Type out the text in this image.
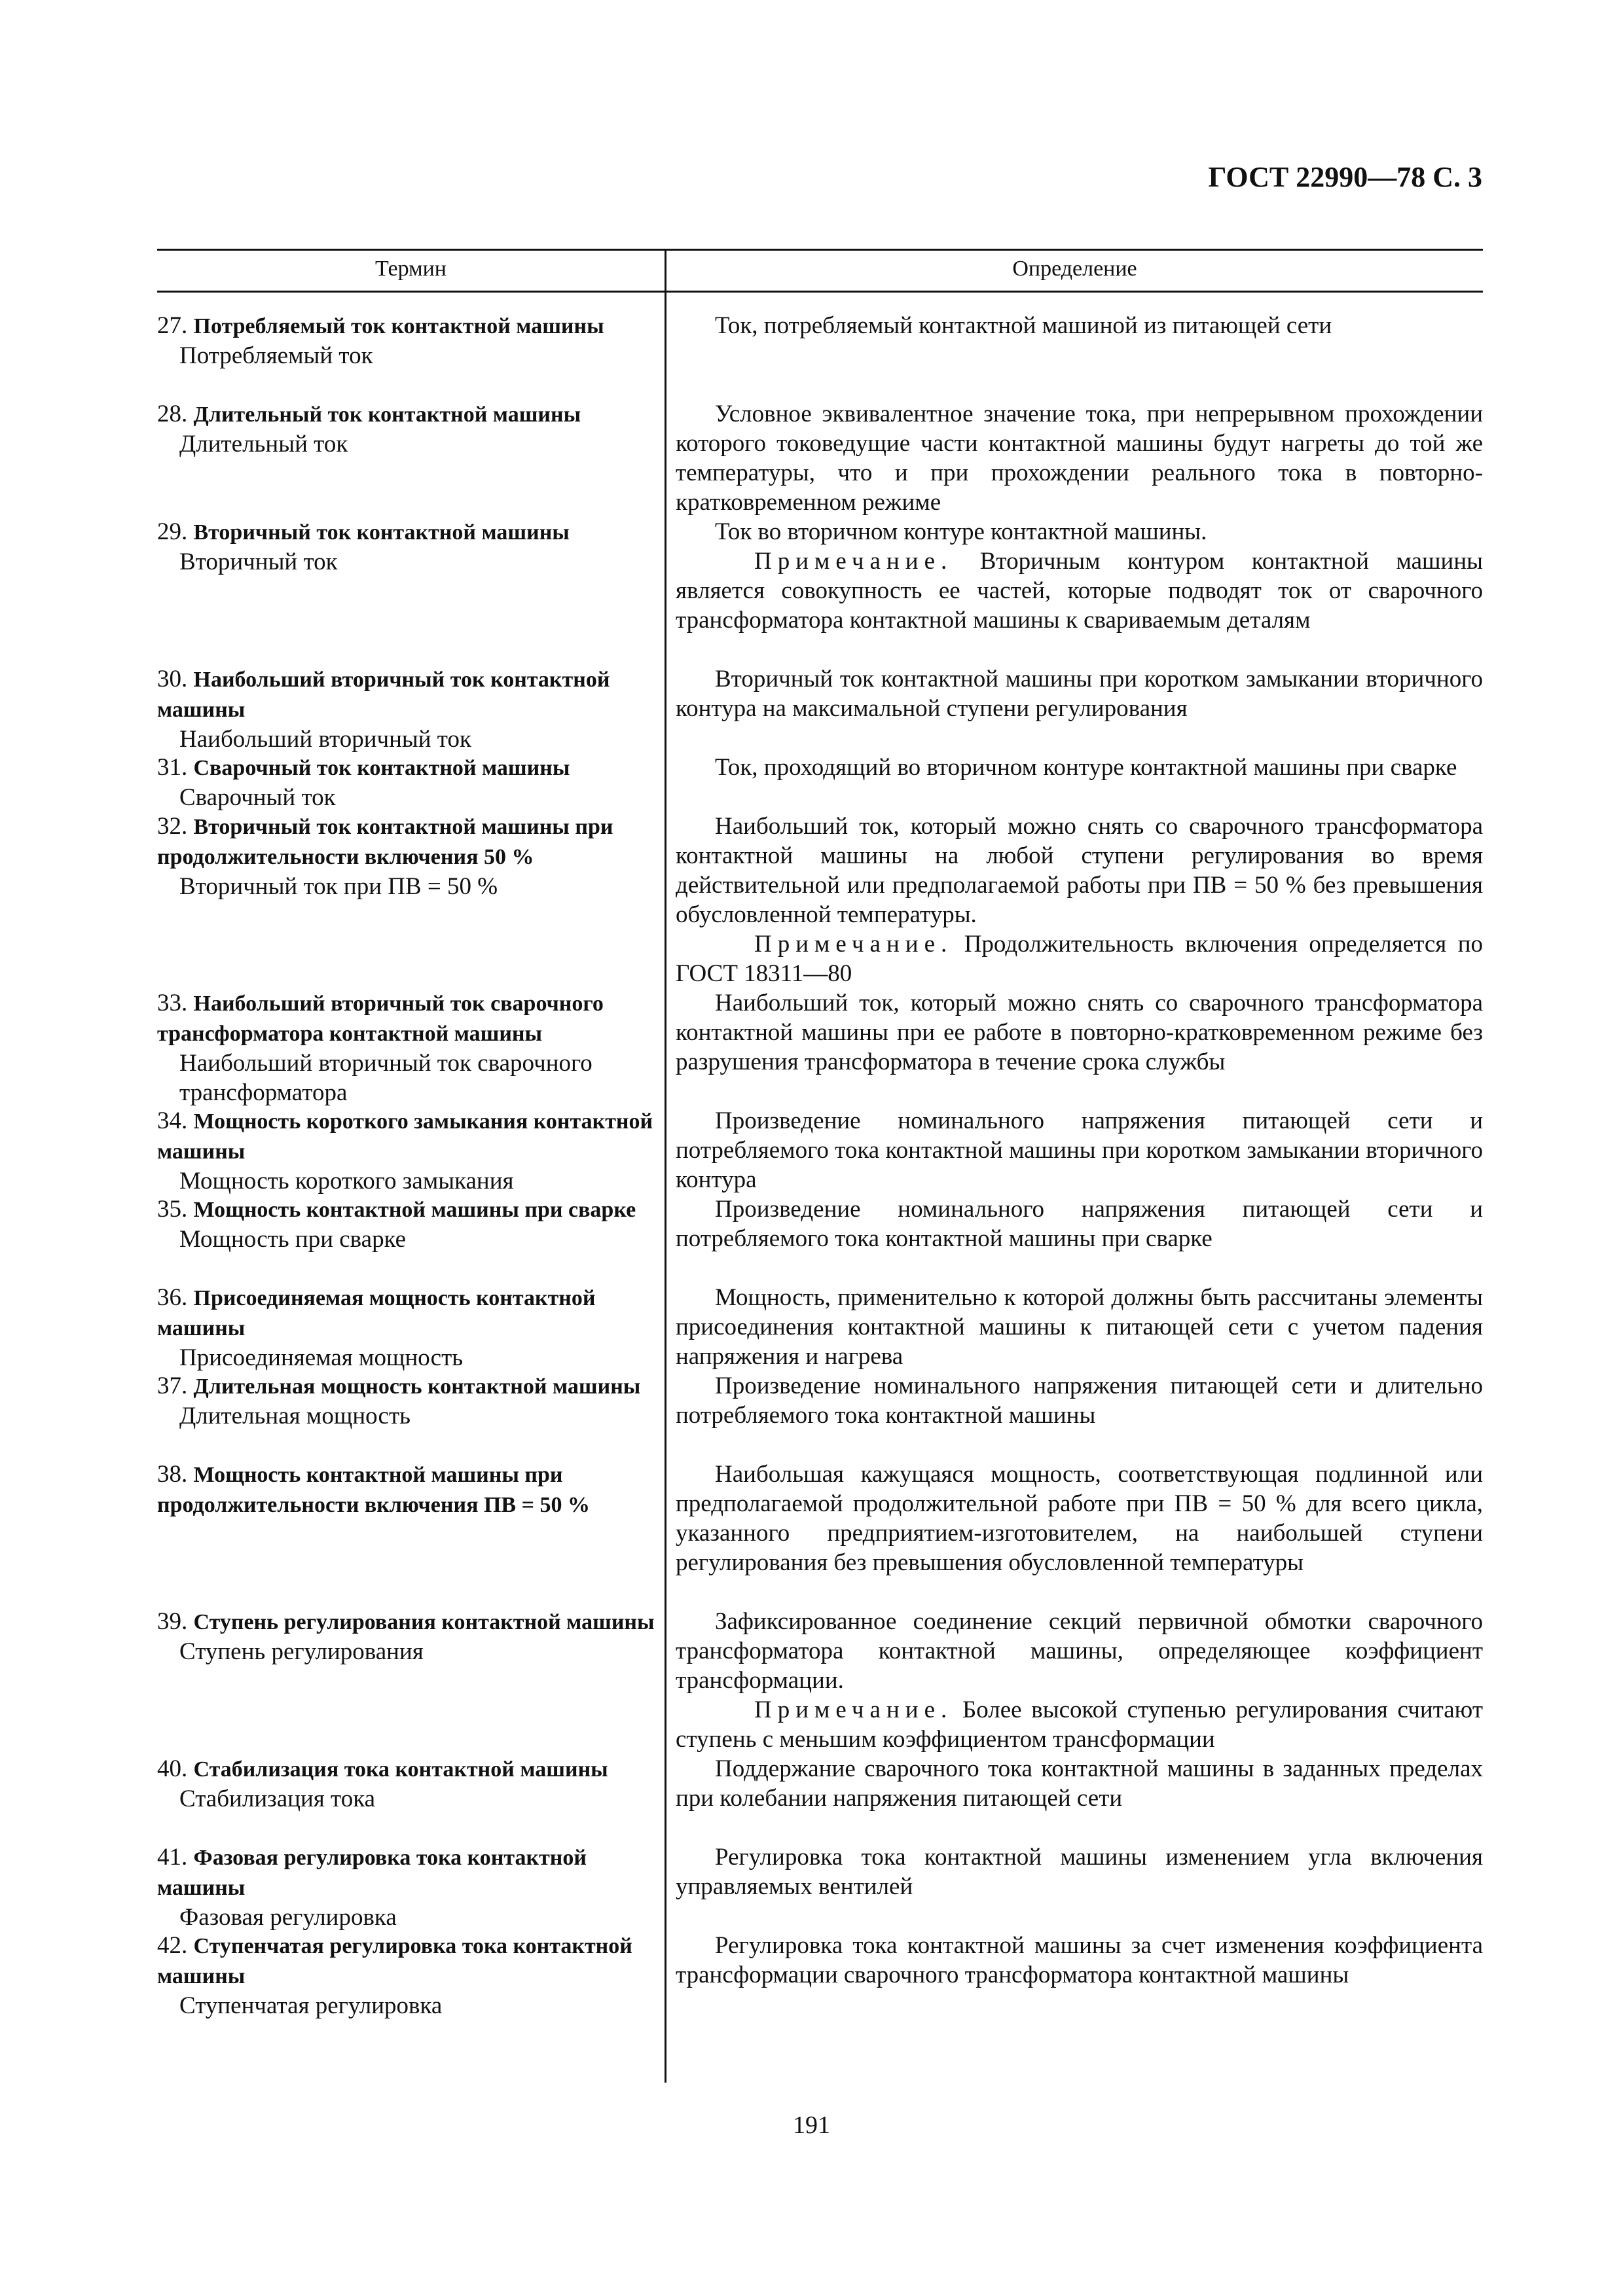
ГОСТ 22990—78 С. 3
Термин	Определение
27. Потребляемый ток контактной машины
Потребляемый ток
Ток, потребляемый контактной машиной из питающей сети
28. Длительный ток контактной машины
Длительный ток
Условное эквивалентное значение тока, при непрерывном прохождении которого токоведущие части контактной машины будут нагреты до той же температуры, что и при прохождении реального тока в повторно-кратковременном режиме
29. Вторичный ток контактной машины
Вторичный ток
Ток во вторичном контуре контактной машины.
Примечание. Вторичным контуром контактной машины является совокупность ее частей, которые подводят ток от сварочного трансформатора контактной машины к свариваемым деталям
30. Наибольший вторичный ток контактной машины
Наибольший вторичный ток
Вторичный ток контактной машины при коротком замыкании вторичного контура на максимальной ступени регулирования
31. Сварочный ток контактной машины
Сварочный ток
Ток, проходящий во вторичном контуре контактной машины при сварке
32. Вторичный ток контактной машины при продолжительности включения 50 %
Вторичный ток при ПВ = 50 %
Наибольший ток, который можно снять со сварочного трансформатора контактной машины на любой ступени регулирования во время действительной или предполагаемой работы при ПВ = 50 % без превышения обусловленной температуры.
Примечание. Продолжительность включения определяется по ГОСТ 18311—80
33. Наибольший вторичный ток сварочного трансформатора контактной машины
Наибольший вторичный ток сварочного трансформатора
Наибольший ток, который можно снять со сварочного трансформатора контактной машины при ее работе в повторно-кратковременном режиме без разрушения трансформатора в течение срока службы
34. Мощность короткого замыкания контактной машины
Мощность короткого замыкания
Произведение номинального напряжения питающей сети и потребляемого тока контактной машины при коротком замыкании вторичного контура
35. Мощность контактной машины при сварке
Мощность при сварке
Произведение номинального напряжения питающей сети и потребляемого тока контактной машины при сварке
36. Присоединяемая мощность контактной машины
Присоединяемая мощность
Мощность, применительно к которой должны быть рассчитаны элементы присоединения контактной машины к питающей сети с учетом падения напряжения и нагрева
37. Длительная мощность контактной машины
Длительная мощность
Произведение номинального напряжения питающей сети и длительно потребляемого тока контактной машины
38. Мощность контактной машины при продолжительности включения ПВ = 50 %
Наибольшая кажущаяся мощность, соответствующая подлинной или предполагаемой продолжительной работе при ПВ = 50 % для всего цикла, указанного предприятием-изготовителем, на наибольшей ступени регулирования без превышения обусловленной температуры
39. Ступень регулирования контактной машины
Ступень регулирования
Зафиксированное соединение секций первичной обмотки сварочного трансформатора контактной машины, определяющее коэффициент трансформации.
Примечание. Более высокой ступенью регулирования считают ступень с меньшим коэффициентом трансформации
40. Стабилизация тока контактной машины
Стабилизация тока
Поддержание сварочного тока контактной машины в заданных пределах при колебании напряжения питающей сети
41. Фазовая регулировка тока контактной машины
Фазовая регулировка
Регулировка тока контактной машины изменением угла включения управляемых вентилей
42. Ступенчатая регулировка тока контактной машины
Ступенчатая регулировка
Регулировка тока контактной машины за счет изменения коэффициента трансформации сварочного трансформатора контактной машины
191
